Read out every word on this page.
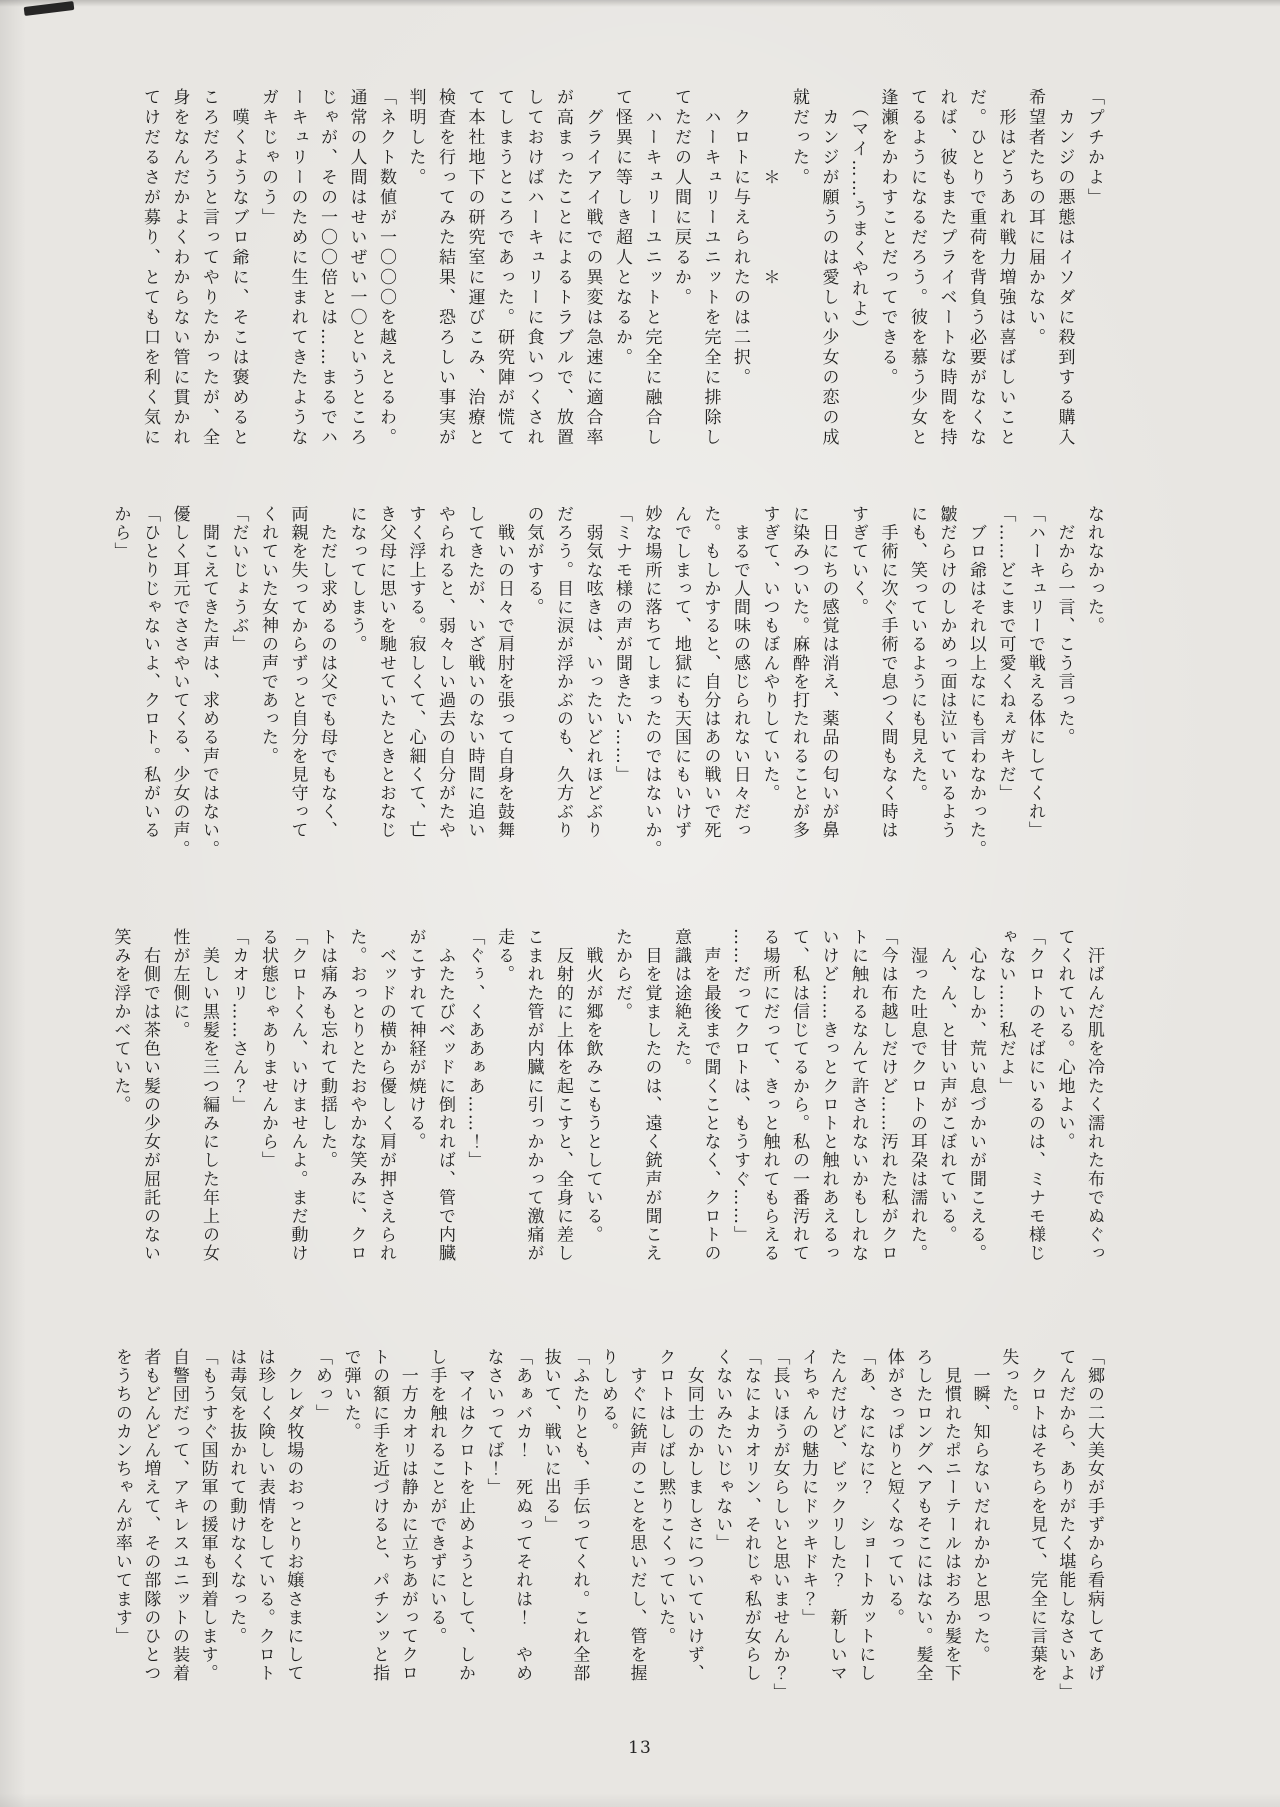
「プチかよ」
　カンジの悪態はイソダに殺到する購入
希望者たちの耳に届かない。
　形はどうあれ戦力増強は喜ばしいこと
だ。ひとりで重荷を背負う必要がなくな
れば、彼もまたプライベートな時間を持
てるようになるだろう。彼を慕う少女と
逢瀬をかわすことだってできる。
　（マイ……うまくやれよ）
　カンジが願うのは愛しい少女の恋の成
就だった。
　　　　＊　　　　＊
　クロトに与えられたのは二択。
　ハーキュリーユニットを完全に排除し
てただの人間に戻るか。
　ハーキュリーユニットと完全に融合し
て怪異に等しき超人となるか。
　グライアイ戦での異変は急速に適合率
が高まったことによるトラブルで、放置
しておけばハーキュリーに食いつくされ
てしまうところであった。研究陣が慌て
て本社地下の研究室に運びこみ、治療と
検査を行ってみた結果、恐ろしい事実が
判明した。
「ネクト数値が一〇〇〇を越えとるわ。
通常の人間はせいぜい一〇というところ
じゃが、その一〇〇倍とは……まるでハ
ーキュリーのために生まれてきたような
ガキじゃのう」
　嘆くようなブロ爺に、そこは褒めると
ころだろうと言ってやりたかったが、全
身をなんだかよくわからない管に貫かれ
てけだるさが募り、とても口を利く気に
なれなかった。
　だから一言、こう言った。
「ハーキュリーで戦える体にしてくれ」
「……どこまで可愛くねぇガキだ」
　ブロ爺はそれ以上なにも言わなかった。
皺だらけのしかめっ面は泣いているよう
にも、笑っているようにも見えた。
　手術に次ぐ手術で息つく間もなく時は
すぎていく。
　日にちの感覚は消え、薬品の匂いが鼻
に染みついた。麻酔を打たれることが多
すぎて、いつもぼんやりしていた。
　まるで人間味の感じられない日々だっ
た。もしかすると、自分はあの戦いで死
んでしまって、地獄にも天国にもいけず
妙な場所に落ちてしまったのではないか。
「ミナモ様の声が聞きたい……」
　弱気な呟きは、いったいどれほどぶり
だろう。目に涙が浮かぶのも、久方ぶり
の気がする。
　戦いの日々で肩肘を張って自身を鼓舞
してきたが、いざ戦いのない時間に追い
やられると、弱々しい過去の自分がたや
すく浮上する。寂しくて、心細くて、亡
き父母に思いを馳せていたときとおなじ
になってしまう。
　ただし求めるのは父でも母でもなく、
両親を失ってからずっと自分を見守って
くれていた女神の声であった。
「だいじょうぶ」
　聞こえてきた声は、求める声ではない。
優しく耳元でささやいてくる、少女の声。
「ひとりじゃないよ、クロト。私がいる
から」
　汗ばんだ肌を冷たく濡れた布でぬぐっ
てくれている。心地よい。
「クロトのそばにいるのは、ミナモ様じ
ゃない……私だよ」
　心なしか、荒い息づかいが聞こえる。
　ん、ん、と甘い声がこぼれている。
　湿った吐息でクロトの耳朶は濡れた。
「今は布越しだけど……汚れた私がクロ
トに触れるなんて許されないかもしれな
いけど……きっとクロトと触れあえるっ
て、私は信じてるから。私の一番汚れて
る場所にだって、きっと触れてもらえる
……だってクロトは、もうすぐ……」
　声を最後まで聞くことなく、クロトの
意識は途絶えた。
　目を覚ましたのは、遠く銃声が聞こえ
たからだ。
　戦火が郷を飲みこもうとしている。
　反射的に上体を起こすと、全身に差し
こまれた管が内臓に引っかかって激痛が
走る。
「ぐぅ、くああぁあ……！」
　ふたたびベッドに倒れれば、管で内臓
がこすれて神経が焼ける。
　ベッドの横から優しく肩が押さえられ
た。おっとりとたおやかな笑みに、クロ
トは痛みも忘れて動揺した。
「クロトくん、いけませんよ。まだ動け
る状態じゃありませんから」
「カオリ……さん？」
　美しい黒髪を三つ編みにした年上の女
性が左側に。
　右側では茶色い髪の少女が屈託のない
笑みを浮かべていた。
「郷の二大美女が手ずから看病してあげ
てんだから、ありがたく堪能しなさいよ」
　クロトはそちらを見て、完全に言葉を
失った。
　一瞬、知らないだれかかと思った。
　見慣れたポニーテールはおろか髪を下
ろしたロングヘアもそこにはない。髪全
体がさっぱりと短くなっている。
「あ、なになに？　ショートカットにし
たんだけど、ビックリした？　新しいマ
イちゃんの魅力にドッキドキ？」
「長いほうが女らしいと思いませんか？」
「なによカオリン、それじゃ私が女らし
くないみたいじゃない」
　女同士のかしましさについていけず、
クロトはしばし黙りこくっていた。
　すぐに銃声のことを思いだし、管を握
りしめる。
「ふたりとも、手伝ってくれ。これ全部
抜いて、戦いに出る」
「あぁバカ！　死ぬってそれは！　やめ
なさいってば！」
　マイはクロトを止めようとして、しか
し手を触れることができずにいる。
　一方カオリは静かに立ちあがってクロ
トの額に手を近づけると、パチンッと指
で弾いた。
「めっ」
　クレダ牧場のおっとりお嬢さまにして
は珍しく険しい表情をしている。クロト
は毒気を抜かれて動けなくなった。
「もうすぐ国防軍の援軍も到着します。
自警団だって、アキレスユニットの装着
者もどんどん増えて、その部隊のひとつ
をうちのカンちゃんが率いてます」
13
